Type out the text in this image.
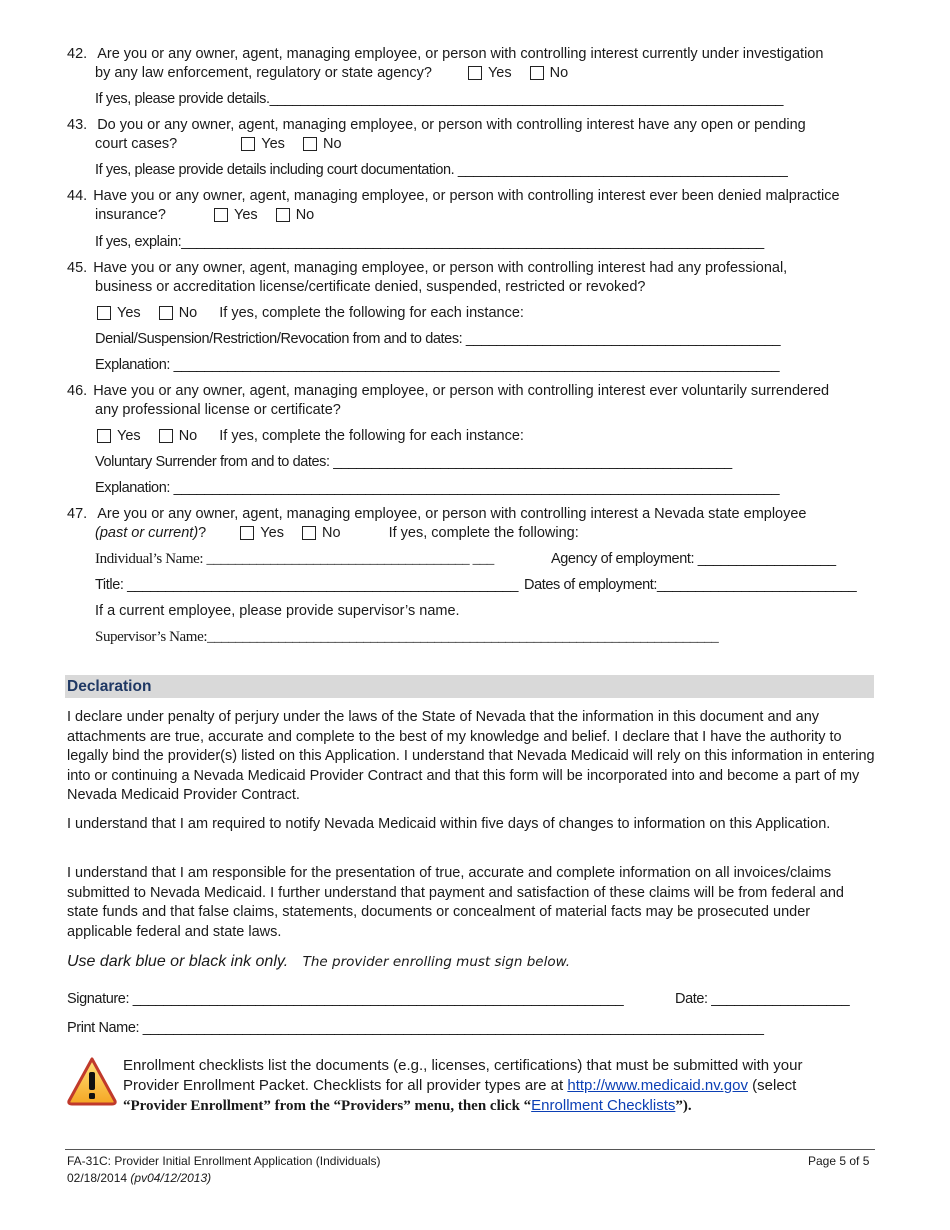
42. Are you or any owner, agent, managing employee, or person with controlling interest currently under investigation
by any law enforcement, regulatory or state agency?	Yes	No
If yes, please provide details.___________________________________________________________________
43. Do you or any owner, agent, managing employee, or person with controlling interest have any open or pending
court cases?	Yes	No
If yes, please provide details including court documentation. ___________________________________________
44. Have you or any owner, agent, managing employee, or person with controlling interest ever been denied malpractice
insurance?	Yes	No
If yes, explain:____________________________________________________________________________
45. Have you or any owner, agent, managing employee, or person with controlling interest had any professional,
business or accreditation license/certificate denied, suspended, restricted or revoked?
Yes	No If yes, complete the following for each instance:
Denial/Suspension/Restriction/Revocation from and to dates: _________________________________________
Explanation: _______________________________________________________________________________
46. Have you or any owner, agent, managing employee, or person with controlling interest ever voluntarily surrendered
any professional license or certificate?
Yes	No If yes, complete the following for each instance:
Voluntary Surrender from and to dates: ____________________________________________________
Explanation: _______________________________________________________________________________
47. Are you or any owner, agent, managing employee, or person with controlling interest a Nevada state employee
(past or current)?	Yes	No	If yes, complete the following:
Individual’s Name: _____________________________________ ___	Agency of employment: __________________
Title: ___________________________________________________ Dates of employment:__________________________
If a current employee, please provide supervisor’s name.
Supervisor’s Name:________________________________________________________________________
Declaration
I declare under penalty of perjury under the laws of the State of Nevada that the information in this document and any attachments are true, accurate and complete to the best of my knowledge and belief. I declare that I have the authority to legally bind the provider(s) listed on this Application. I understand that Nevada Medicaid will rely on this information in entering into or continuing a Nevada Medicaid Provider Contract and that this form will be incorporated into and become a part of my Nevada Medicaid Provider Contract.
I understand that I am required to notify Nevada Medicaid within five days of changes to information on this Application.
I understand that I am responsible for the presentation of true, accurate and complete information on all invoices/claims submitted to Nevada Medicaid. I further understand that payment and satisfaction of these claims will be from federal and state funds and that false claims, statements, documents or concealment of material facts may be prosecuted under applicable federal and state laws.
Use dark blue or black ink only. The provider enrolling must sign below.
Signature: ________________________________________________________________	Date: __________________
Print Name: _________________________________________________________________________________
Enrollment checklists list the documents (e.g., licenses, certifications) that must be submitted with your
Provider Enrollment Packet. Checklists for all provider types are at http://www.medicaid.nv.gov (select
“Provider Enrollment” from the “Providers” menu, then click “Enrollment Checklists”).
FA-31C: Provider Initial Enrollment Application (Individuals)
02/18/2014 (pv04/12/2013)
Page 5 of 5
